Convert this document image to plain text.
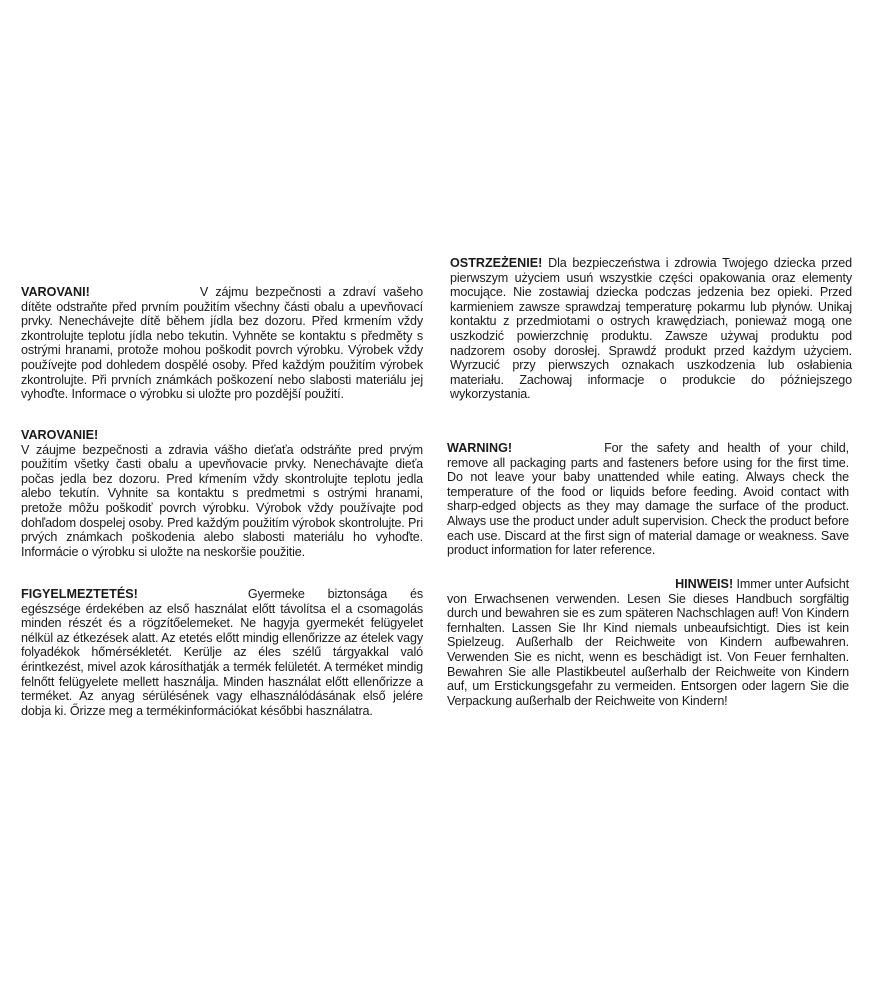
VAROVANI!	V zájmu bezpečnosti a zdraví vašeho dítěte odstraňte před prvním použitím všechny části obalu a upevňovací prvky. Nenechávejte dítě během jídla bez dozoru. Před krmením vždy zkontrolujte teplotu jídla nebo tekutin. Vyhněte se kontaktu s předměty s ostrými hranami, protože mohou poškodit povrch výrobku. Výrobek vždy používejte pod dohledem dospělé osoby. Před každým použitím výrobek zkontrolujte. Při prvních známkách poškození nebo slabosti materiálu jej vyhoďte. Informace o výrobku si uložte pro pozdější použití.
VAROVANIE!
V záujme bezpečnosti a zdravia vášho dieťaťa odstráňte pred prvým použitím všetky časti obalu a upevňovacie prvky. Nenechávajte dieťa počas jedla bez dozoru. Pred kŕmením vždy skontrolujte teplotu jedla alebo tekutín. Vyhnite sa kontaktu s predmetmi s ostrými hranami, pretože môžu poškodiť povrch výrobku. Výrobok vždy používajte pod dohľadom dospelej osoby. Pred každým použitím výrobok skontrolujte. Pri prvých známkach poškodenia alebo slabosti materiálu ho vyhoďte. Informácie o výrobku si uložte na neskoršie použitie.
FIGYELMEZTETÉS!	Gyermeke biztonsága és egészsége érdekében az első használat előtt távolítsa el a csomagolás minden részét és a rögzítőelemeket. Ne hagyja gyermekét felügyelet nélkül az étkezések alatt. Az etetés előtt mindig ellenőrizze az ételek vagy folyadékok hőmérsékletét. Kerülje az éles szélű tárgyakkal való érintkezést, mivel azok károsíthatják a termék felületét. A terméket mindig felnőtt felügyelete mellett használja. Minden használat előtt ellenőrizze a terméket. Az anyag sérülésének vagy elhasználódásának első jelére dobja ki. Őrizze meg a termékinformációkat későbbi használatra.
OSTRZEŻENIE! Dla bezpieczeństwa i zdrowia Twojego dziecka przed pierwszym użyciem usuń wszystkie części opakowania oraz elementy mocujące. Nie zostawiaj dziecka podczas jedzenia bez opieki. Przed karmieniem zawsze sprawdzaj temperaturę pokarmu lub płynów. Unikaj kontaktu z przedmiotami o ostrych krawędziach, ponieważ mogą one uszkodzić powierzchnię produktu. Zawsze używaj produktu pod nadzorem osoby dorosłej. Sprawdź produkt przed każdym użyciem. Wyrzucić przy pierwszych oznakach uszkodzenia lub osłabienia materiału. Zachowaj informacje o produkcie do późniejszego wykorzystania.
WARNING!	For the safety and health of your child, remove all packaging parts and fasteners before using for the first time. Do not leave your baby unattended while eating. Always check the temperature of the food or liquids before feeding. Avoid contact with sharp-edged objects as they may damage the surface of the product. Always use the product under adult supervision. Check the product before each use. Discard at the first sign of material damage or weakness. Save product information for later reference.
HINWEIS! Immer unter Aufsicht
von Erwachsenen verwenden. Lesen Sie dieses Handbuch sorgfältig durch und bewahren sie es zum späteren Nachschlagen auf! Von Kindern fernhalten. Lassen Sie Ihr Kind niemals unbeaufsichtigt. Dies ist kein Spielzeug. Außerhalb der Reichweite von Kindern aufbewahren. Verwenden Sie es nicht, wenn es beschädigt ist. Von Feuer fernhalten. Bewahren Sie alle Plastikbeutel außerhalb der Reichweite von Kindern auf, um Erstickungsgefahr zu vermeiden. Entsorgen oder lagern Sie die Verpackung außerhalb der Reichweite von Kindern!
